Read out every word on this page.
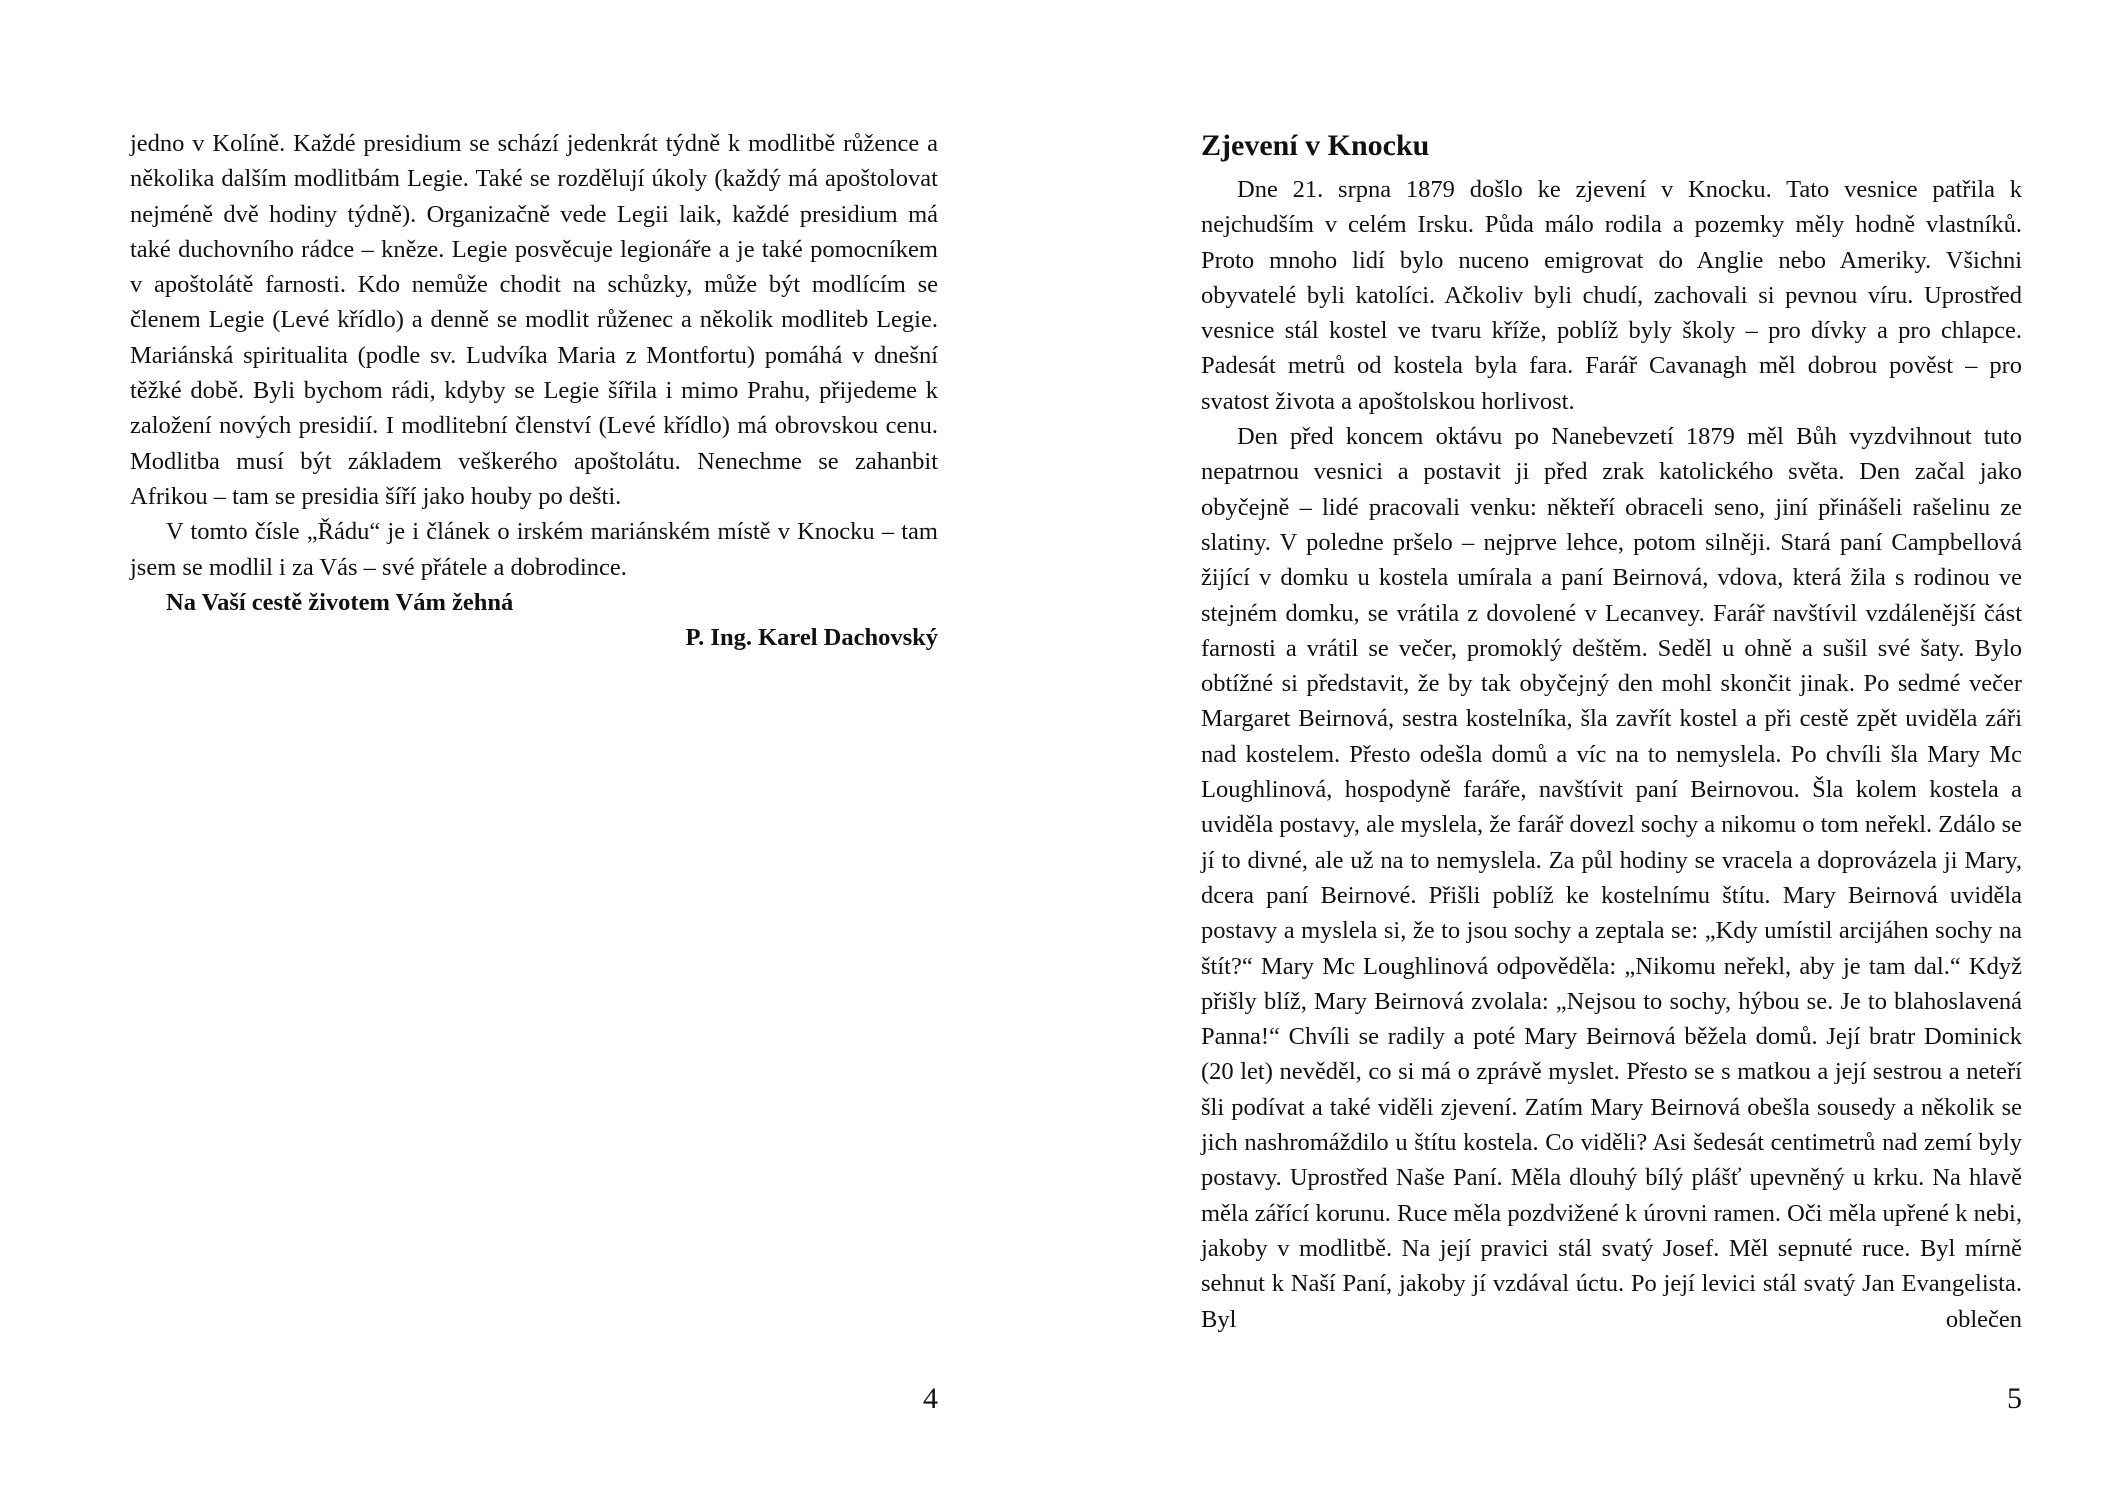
jedno v Kolíně. Každé presidium se schází jedenkrát týdně k modlitbě růžence a několika dalším modlitbám Legie. Také se rozdělují úkoly (každý má apoštolovat nejméně dvě hodiny týdně). Organizačně vede Legii laik, každé presidium má také duchovního rádce – kněze. Legie posvěcuje legionáře a je také pomocníkem v apoštolátě farnosti. Kdo nemůže chodit na schůzky, může být modlícím se členem Legie (Levé křídlo) a denně se modlit růženec a několik modliteb Legie. Mariánská spiritualita (podle sv. Ludvíka Maria z Montfortu) pomáhá v dnešní těžké době. Byli bychom rádi, kdyby se Legie šířila i mimo Prahu, přijedeme k založení nových presidií. I modlitební členství (Levé křídlo) má obrovskou cenu. Modlitba musí být základem veškerého apoštolátu. Nenechme se zahanbit Afrikou – tam se presidia šíří jako houby po dešti.

V tomto čísle „Řádu“ je i článek o irském mariánském místě v Knocku – tam jsem se modlil i za Vás – své přátele a dobrodince.

Na Vaší cestě životem Vám žehná

P. Ing. Karel Dachovský

4
Zjevení v Knocku

Dne 21. srpna 1879 došlo ke zjevení v Knocku. Tato vesnice patřila k nejchudším v celém Irsku. Půda málo rodila a pozemky měly hodně vlastníků. Proto mnoho lidí bylo nuceno emigrovat do Anglie nebo Ameriky. Všichni obyvatelé byli katolíci. Ačkoliv byli chudí, zachovali si pevnou víru. Uprostřed vesnice stál kostel ve tvaru kříže, poblíž byly školy – pro dívky a pro chlapce. Padesát metrů od kostela byla fara. Farář Cavanagh měl dobrou pověst – pro svatost života a apoštolskou horlivost.

Den před koncem oktávu po Nanebevzetí 1879 měl Bůh vyzdvihnout tuto nepatrnou vesnici a postavit ji před zrak katolického světa. Den začal jako obyčejně – lidé pracovali venku: někteří obraceli seno, jiní přinášeli rašelinu ze slatiny. V poledne pršelo – nejprve lehce, potom silněji. Stará paní Campbellová žijící v domku u kostela umírala a paní Beirnová, vdova, která žila s rodinou ve stejném domku, se vrátila z dovolené v Lecanvey. Farář navštívil vzdálenější část farnosti a vrátil se večer, promoklý deštěm. Seděl u ohně a sušil své šaty. Bylo obtížné si představit, že by tak obyčejný den mohl skončit jinak. Po sedmé večer Margaret Beirnová, sestra kostelníka, šla zavřít kostel a při cestě zpět uviděla záři nad kostelem. Přesto odešla domů a víc na to nemyslela. Po chvíli šla Mary Mc Loughlinová, hospodyně faráře, navštívit paní Beirnovou. Šla kolem kostela a uviděla postavy, ale myslela, že farář dovezl sochy a nikomu o tom neřekl. Zdálo se jí to divné, ale už na to nemyslela. Za půl hodiny se vracela a doprovázela ji Mary, dcera paní Beirnové. Přišli poblíž ke kostelnímu štítu. Mary Beirnová uviděla postavy a myslela si, že to jsou sochy a zeptala se: „Kdy umístil arcijáhen sochy na štít?“ Mary Mc Loughlinová odpověděla: „Nikomu neřekl, aby je tam dal.“ Když přišly blíž, Mary Beirnová zvolala: „Nejsou to sochy, hýbou se. Je to blahoslavená Panna!“ Chvíli se radily a poté Mary Beirnová běžela domů. Její bratr Dominick (20 let) nevěděl, co si má o zprávě myslet. Přesto se s matkou a její sestrou a neteří šli podívat a také viděli zjevení. Zatím Mary Beirnová obešla sousedy a několik se jich nashromáždilo u štítu kostela. Co viděli? Asi šedesát centimetrů nad zemí byly postavy. Uprostřed Naše Paní. Měla dlouhý bílý plášť upevněný u krku. Na hlavě měla zářící korunu. Ruce měla pozdvižené k úrovni ramen. Oči měla upřené k nebi, jakoby v modlitbě. Na její pravici stál svatý Josef. Měl sepnuté ruce. Byl mírně sehnut k Naší Paní, jakoby jí vzdával úctu. Po její levici stál svatý Jan Evangelista. Byl oblečen

5
